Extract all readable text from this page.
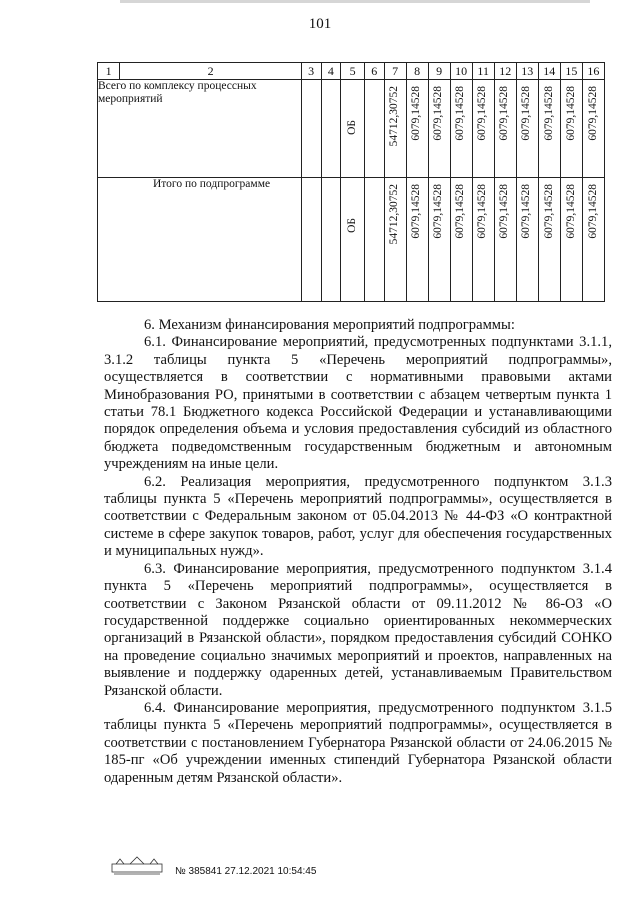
101
1	2	3	4	5	6	7	8	9	10	11	12	13	14	15	16
Всего по комплексу процессных мероприятий				ОБ		54712,30752	6079,14528	6079,14528	6079,14528	6079,14528	6079,14528	6079,14528	6079,14528	6079,14528	6079,14528

Итого по подпрограмме				ОБ		54712,30752	6079,14528	6079,14528	6079,14528	6079,14528	6079,14528	6079,14528	6079,14528	6079,14528	6079,14528

6. Механизм финансирования мероприятий подпрограммы:

6.1. Финансирование мероприятий, предусмотренных подпунктами 3.1.1, 3.1.2 таблицы пункта 5 «Перечень мероприятий подпрограммы», осуществляется в соответствии с нормативными правовыми актами Минобразования РО, принятыми в соответствии с абзацем четвертым пункта 1 статьи 78.1 Бюджетного кодекса Российской Федерации и устанавливающими порядок определения объема и условия предоставления субсидий из областного бюджета подведомственным государственным бюджетным и автономным учреждениям на иные цели.

6.2. Реализация мероприятия, предусмотренного подпунктом 3.1.3 таблицы пункта 5 «Перечень мероприятий подпрограммы», осуществляется в соответствии с Федеральным законом от 05.04.2013 № 44-ФЗ «О контрактной системе в сфере закупок товаров, работ, услуг для обеспечения государственных и муниципальных нужд».

6.3. Финансирование мероприятия, предусмотренного подпунктом 3.1.4 пункта 5 «Перечень мероприятий подпрограммы», осуществляется в соответствии с Законом Рязанской области от 09.11.2012 № 86-ОЗ «О государственной поддержке социально ориентированных некоммерческих организаций в Рязанской области», порядком предоставления субсидий СОНКО на проведение социально значимых мероприятий и проектов, направленных на выявление и поддержку одаренных детей, устанавливаемым Правительством Рязанской области.

6.4. Финансирование мероприятия, предусмотренного подпунктом 3.1.5 таблицы пункта 5 «Перечень мероприятий подпрограммы», осуществляется в соответствии с постановлением Губернатора Рязанской области от 24.06.2015 № 185-пг «Об учреждении именных стипендий Губернатора Рязанской области одаренным детям Рязанской области».

№ 385841 27.12.2021 10:54:45
